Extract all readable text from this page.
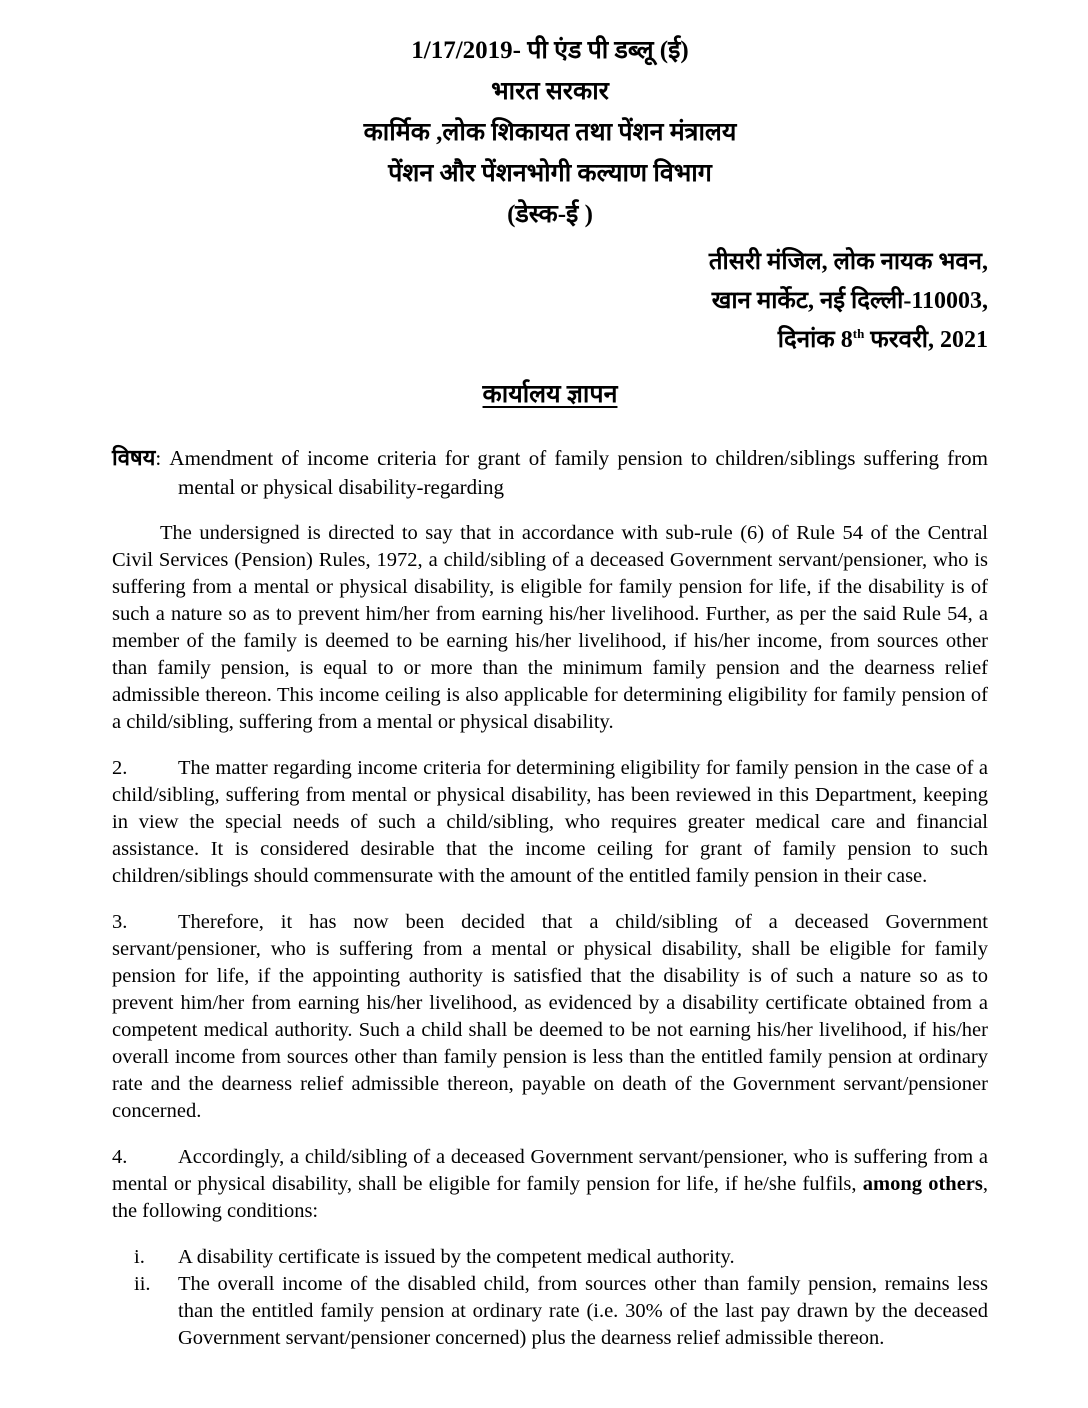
1/17/2019- पी एंड पी डब्लू (ई)
भारत सरकार
कार्मिक ,लोक शिकायत तथा पेंशन मंत्रालय
पेंशन और पेंशनभोगी कल्याण विभाग
(डेस्क-ई )
तीसरी मंजिल, लोक नायक भवन,
खान मार्केट, नई दिल्ली-110003,
दिनांक 8th फरवरी, 2021
कार्यालय ज्ञापन
विषय: Amendment of income criteria for grant of family pension to children/siblings suffering from mental or physical disability-regarding
The undersigned is directed to say that in accordance with sub-rule (6) of Rule 54 of the Central Civil Services (Pension) Rules, 1972, a child/sibling of a deceased Government servant/pensioner, who is suffering from a mental or physical disability, is eligible for family pension for life, if the disability is of such a nature so as to prevent him/her from earning his/her livelihood. Further, as per the said Rule 54, a member of the family is deemed to be earning his/her livelihood, if his/her income, from sources other than family pension, is equal to or more than the minimum family pension and the dearness relief admissible thereon. This income ceiling is also applicable for determining eligibility for family pension of a child/sibling, suffering from a mental or physical disability.
2. The matter regarding income criteria for determining eligibility for family pension in the case of a child/sibling, suffering from mental or physical disability, has been reviewed in this Department, keeping in view the special needs of such a child/sibling, who requires greater medical care and financial assistance. It is considered desirable that the income ceiling for grant of family pension to such children/siblings should commensurate with the amount of the entitled family pension in their case.
3. Therefore, it has now been decided that a child/sibling of a deceased Government servant/pensioner, who is suffering from a mental or physical disability, shall be eligible for family pension for life, if the appointing authority is satisfied that the disability is of such a nature so as to prevent him/her from earning his/her livelihood, as evidenced by a disability certificate obtained from a competent medical authority. Such a child shall be deemed to be not earning his/her livelihood, if his/her overall income from sources other than family pension is less than the entitled family pension at ordinary rate and the dearness relief admissible thereon, payable on death of the Government servant/pensioner concerned.
4. Accordingly, a child/sibling of a deceased Government servant/pensioner, who is suffering from a mental or physical disability, shall be eligible for family pension for life, if he/she fulfils, among others, the following conditions:
i.	A disability certificate is issued by the competent medical authority.
ii.	The overall income of the disabled child, from sources other than family pension, remains less than the entitled family pension at ordinary rate (i.e. 30% of the last pay drawn by the deceased Government servant/pensioner concerned) plus the dearness relief admissible thereon.
